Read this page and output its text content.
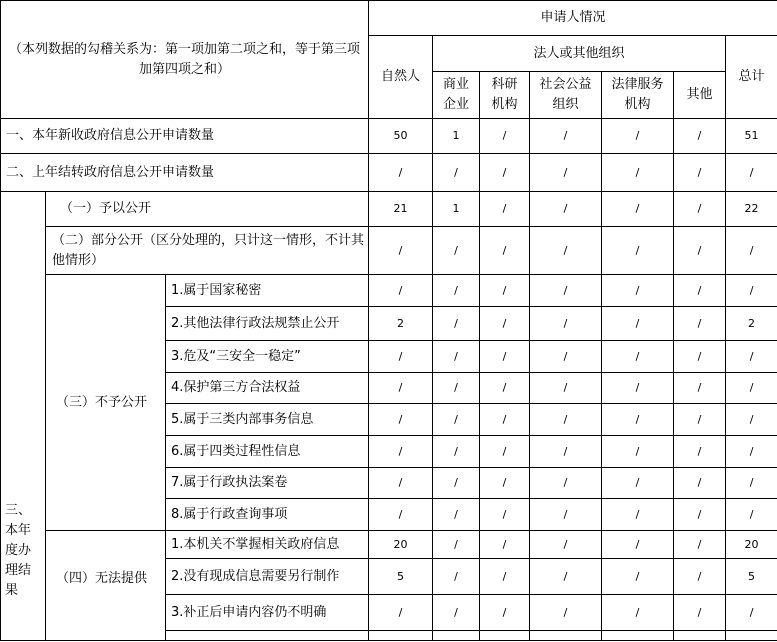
（本列数据的勾稽关系为：第一项加第二项之和，等于第三项加第四项之和）			申请人情况						
			自然人	法人或其他组织					总计
				商业企业	科研机构	社会公益组织	法律服务机构	其他	
一、本年新收政府信息公开申请数量			50	1	/	/	/	/	51
二、上年结转政府信息公开申请数量			/	/	/	/	/	/	/
三、本年度办理结果	（一）予以公开		21	1	/	/	/	/	22
	（二）部分公开（区分处理的，只计这一情形，不计其他情形）		/	/	/	/	/	/	/
	（三）不予公开	1.属于国家秘密	/	/	/	/	/	/	/
		2.其他法律行政法规禁止公开	2	/	/	/	/	/	2
		3.危及“三安全一稳定”	/	/	/	/	/	/	/
		4.保护第三方合法权益	/	/	/	/	/	/	/
		5.属于三类内部事务信息	/	/	/	/	/	/	/
		6.属于四类过程性信息	/	/	/	/	/	/	/
		7.属于行政执法案卷	/	/	/	/	/	/	/
		8.属于行政查询事项	/	/	/	/	/	/	/
	（四）无法提供	1.本机关不掌握相关政府信息	20	/	/	/	/	/	20
		2.没有现成信息需要另行制作	5	/	/	/	/	/	5
		3.补正后申请内容仍不明确	/	/	/	/	/	/	/
